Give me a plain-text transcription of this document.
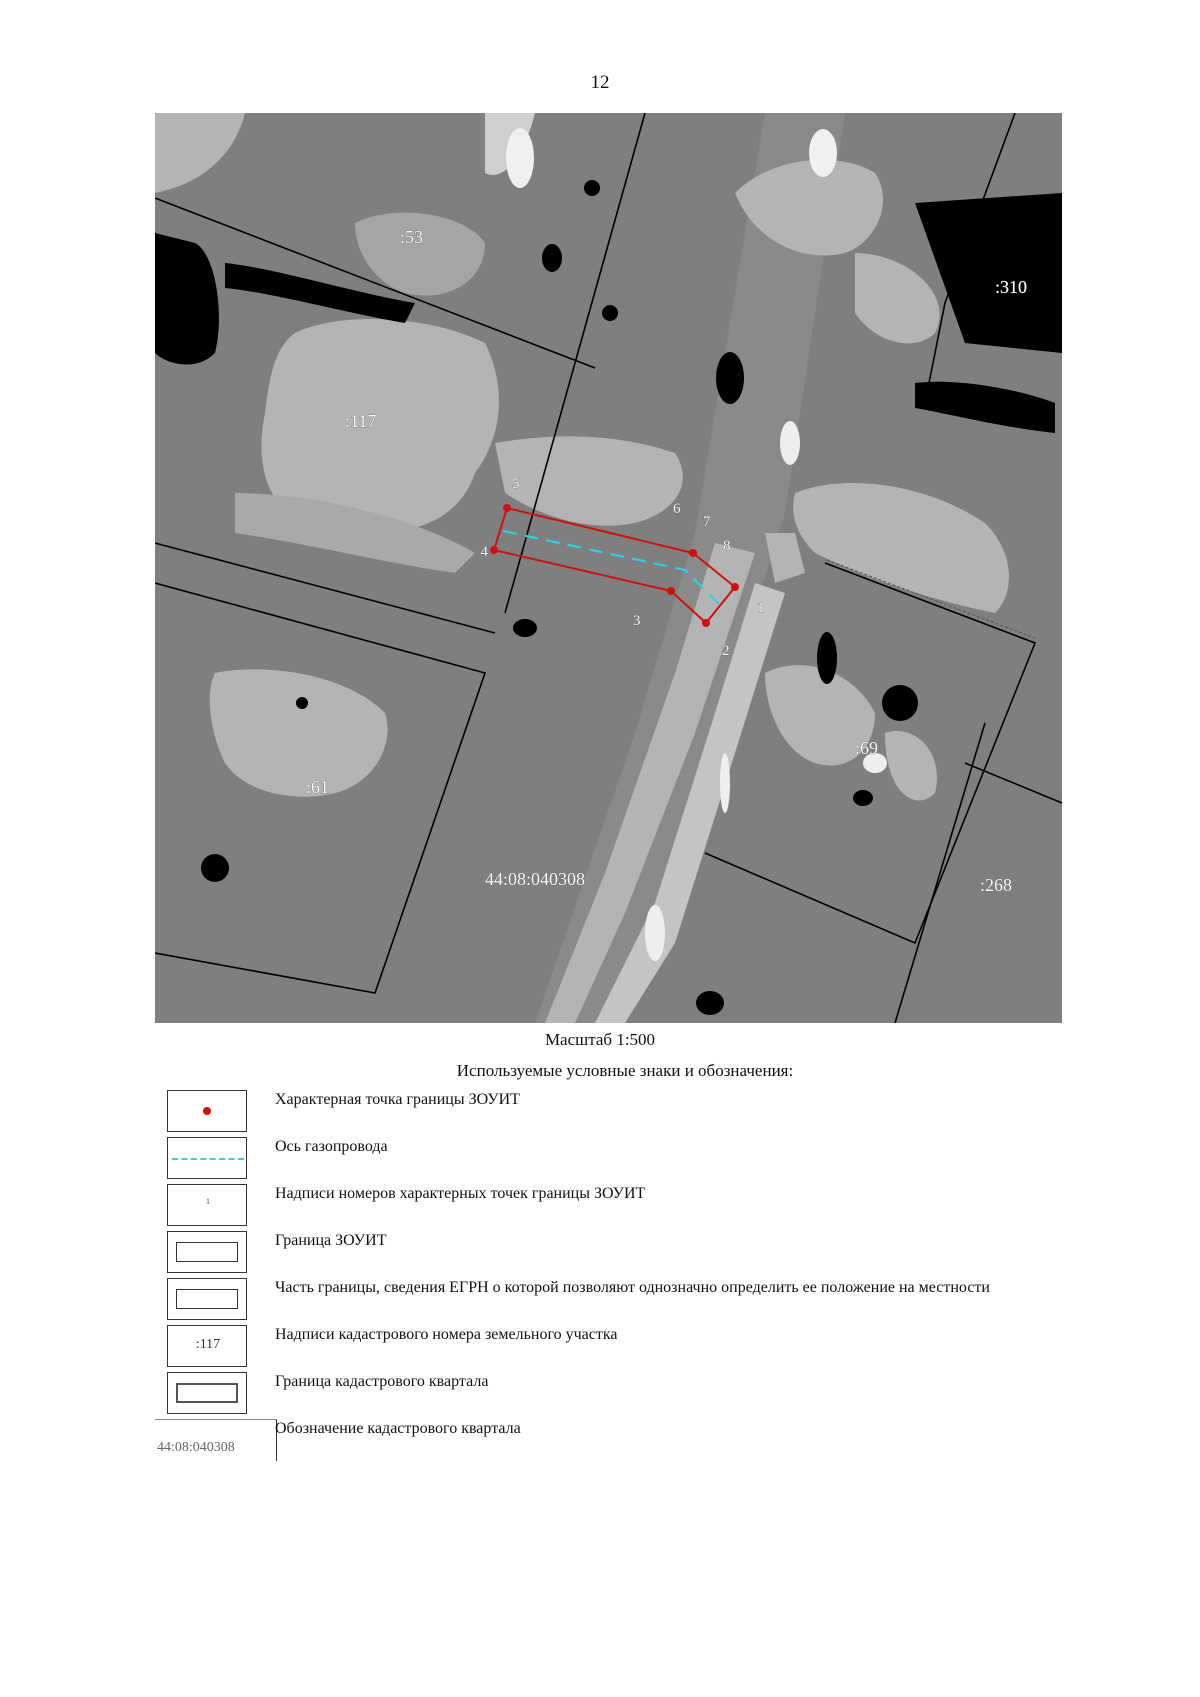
12
1
2
3
4
5
6
7
8
:53
:310
:117
:61
:69
:268
44:08:040308
Масштаб 1:500
Используемые условные знаки и обозначения:
Характерная точка границы ЗОУИТ
Ось газопровода
1	Надписи номеров характерных точек границы ЗОУИТ
Граница ЗОУИТ
Часть границы, сведения ЕГРН о которой позволяют однозначно определить ее положение на местности
:117
Надписи кадастрового номера земельного участка
Граница кадастрового квартала
44:08:040308
Обозначение кадастрового квартала
